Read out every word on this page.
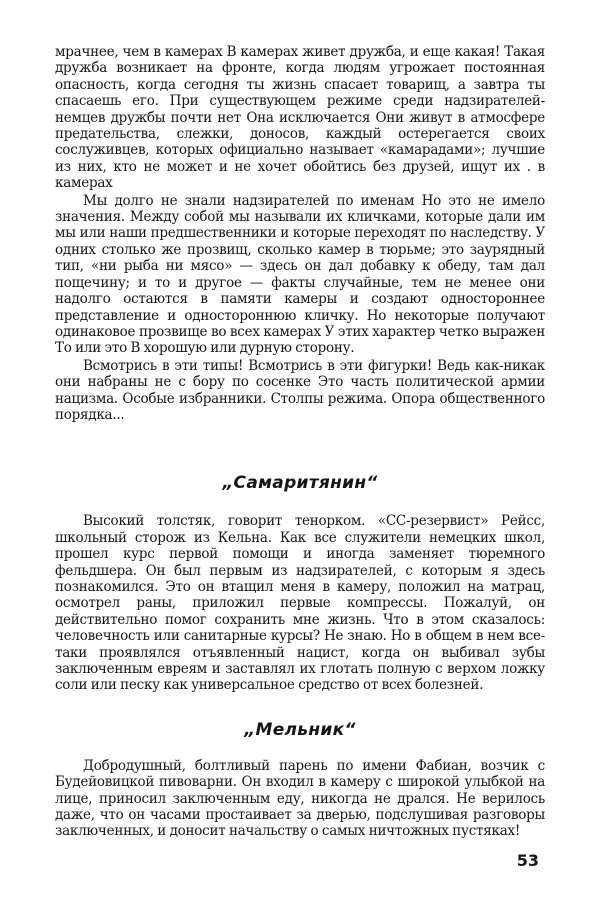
мрачнее, чем в камерах В камерах живет дружба, и еще какая! Такая дружба возникает на фронте, когда людям угрожает постоянная опасность, когда сегодня ты жизнь спасает товарищ, а завтра ты спасаешь его. При существующем режиме среди надзирателей-немцев дружбы почти нет Она исключается Они живут в атмосфере предательства, слежки, доносов, каждый остерегается своих сослуживцев, которых официально называет «камарадами»; лучшие из них, кто не может и не хочет обойтись без друзей, ищут их . в камерах

Мы долго не знали надзирателей по именам Но это не имело значения. Между собой мы называли их кличками, которые дали им мы или наши предшественники и которые переходят по наследству. У одних столько же прозвищ, сколько камер в тюрьме; это заурядный тип, «ни рыба ни мясо» — здесь он дал добавку к обеду, там дал пощечину; и то и другое — факты случайные, тем не менее они надолго остаются в памяти камеры и создают одностороннее представление и одностороннюю кличку. Но некоторые получают одинаковое прозвище во всех камерах У этих характер четко выражен То или это В хорошую или дурную сторону.

Всмотрись в эти типы! Всмотрись в эти фигурки! Ведь как-никак они набраны не с бору по сосенке Это часть политической армии нацизма. Особые избранники. Столпы режима. Опора общественного порядка...

„Самаритянин“

Высокий толстяк, говорит тенорком. «СС-резервист» Рейсс, школьный сторож из Кельна. Как все служители немецких школ, прошел курс первой помощи и иногда заменяет тюремного фельдшера. Он был первым из надзирателей, с которым я здесь познакомился. Это он втащил меня в камеру, положил на матрац, осмотрел раны, приложил первые компрессы. Пожалуй, он действительно помог сохранить мне жизнь. Что в этом сказалось: человечность или санитарные курсы? Не знаю. Но в общем в нем все-таки проявлялся отъявленный нацист, когда он выбивал зубы заключенным евреям и заставлял их глотать полную с верхом ложку соли или песку как универсальное средство от всех болезней.

„Мельник“

Добродушный, болтливый парень по имени Фабиан, возчик с Будейовицкой пивоварни. Он входил в камеру с широкой улыбкой на лице, приносил заключенным еду, никогда не дрался. Не верилось даже, что он часами простаивает за дверью, подслушивая разговоры заключенных, и доносит начальству о самых ничтожных пустяках!

53
